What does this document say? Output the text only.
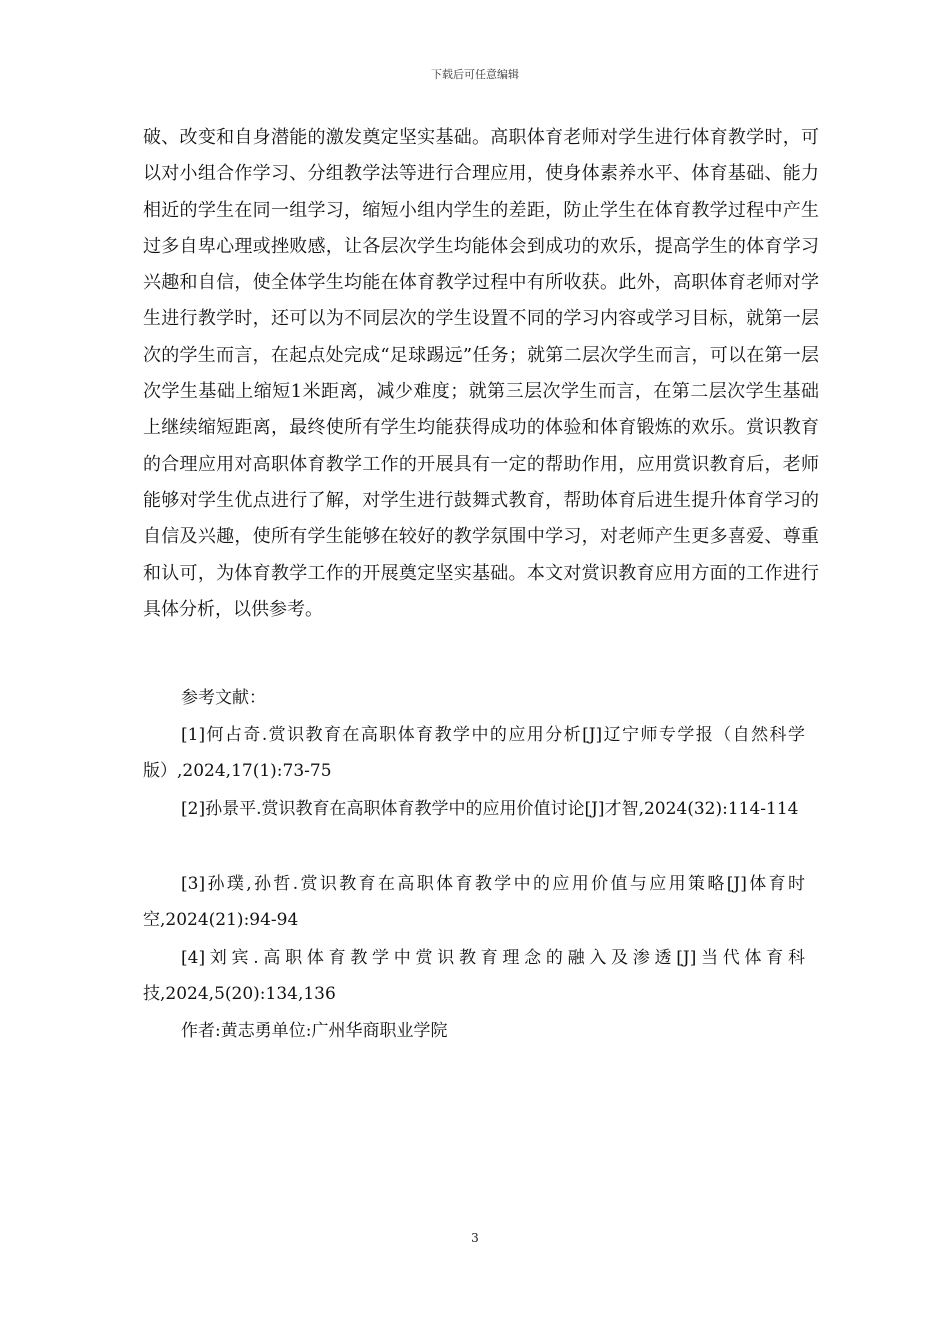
下载后可任意编辑

破、改变和自身潜能的激发奠定坚实基础。高职体育老师对学生进行体育教学时，可以对小组合作学习、分组教学法等进行合理应用，使身体素养水平、体育基础、能力相近的学生在同一组学习，缩短小组内学生的差距，防止学生在体育教学过程中产生过多自卑心理或挫败感，让各层次学生均能体会到成功的欢乐，提高学生的体育学习兴趣和自信，使全体学生均能在体育教学过程中有所收获。此外，高职体育老师对学生进行教学时，还可以为不同层次的学生设置不同的学习内容或学习目标，就第一层次的学生而言，在起点处完成“足球踢远”任务；就第二层次学生而言，可以在第一层次学生基础上缩短1米距离，减少难度；就第三层次学生而言，在第二层次学生基础上继续缩短距离，最终使所有学生均能获得成功的体验和体育锻炼的欢乐。赏识教育的合理应用对高职体育教学工作的开展具有一定的帮助作用，应用赏识教育后，老师能够对学生优点进行了解，对学生进行鼓舞式教育，帮助体育后进生提升体育学习的自信及兴趣，使所有学生能够在较好的教学氛围中学习，对老师产生更多喜爱、尊重和认可，为体育教学工作的开展奠定坚实基础。本文对赏识教育应用方面的工作进行具体分析，以供参考。

参考文献：

[1]何占奇.赏识教育在高职体育教学中的应用分析[J]辽宁师专学报（自然科学版）,2024,17(1):73-75

[2]孙景平.赏识教育在高职体育教学中的应用价值讨论[J]才智,2024(32):114-114

[3]孙璞,孙哲.赏识教育在高职体育教学中的应用价值与应用策略[J]体育时空,2024(21):94-94

[4]刘宾.高职体育教学中赏识教育理念的融入及渗透[J]当代体育科技,2024,5(20):134,136

作者:黄志勇单位:广州华商职业学院

3
